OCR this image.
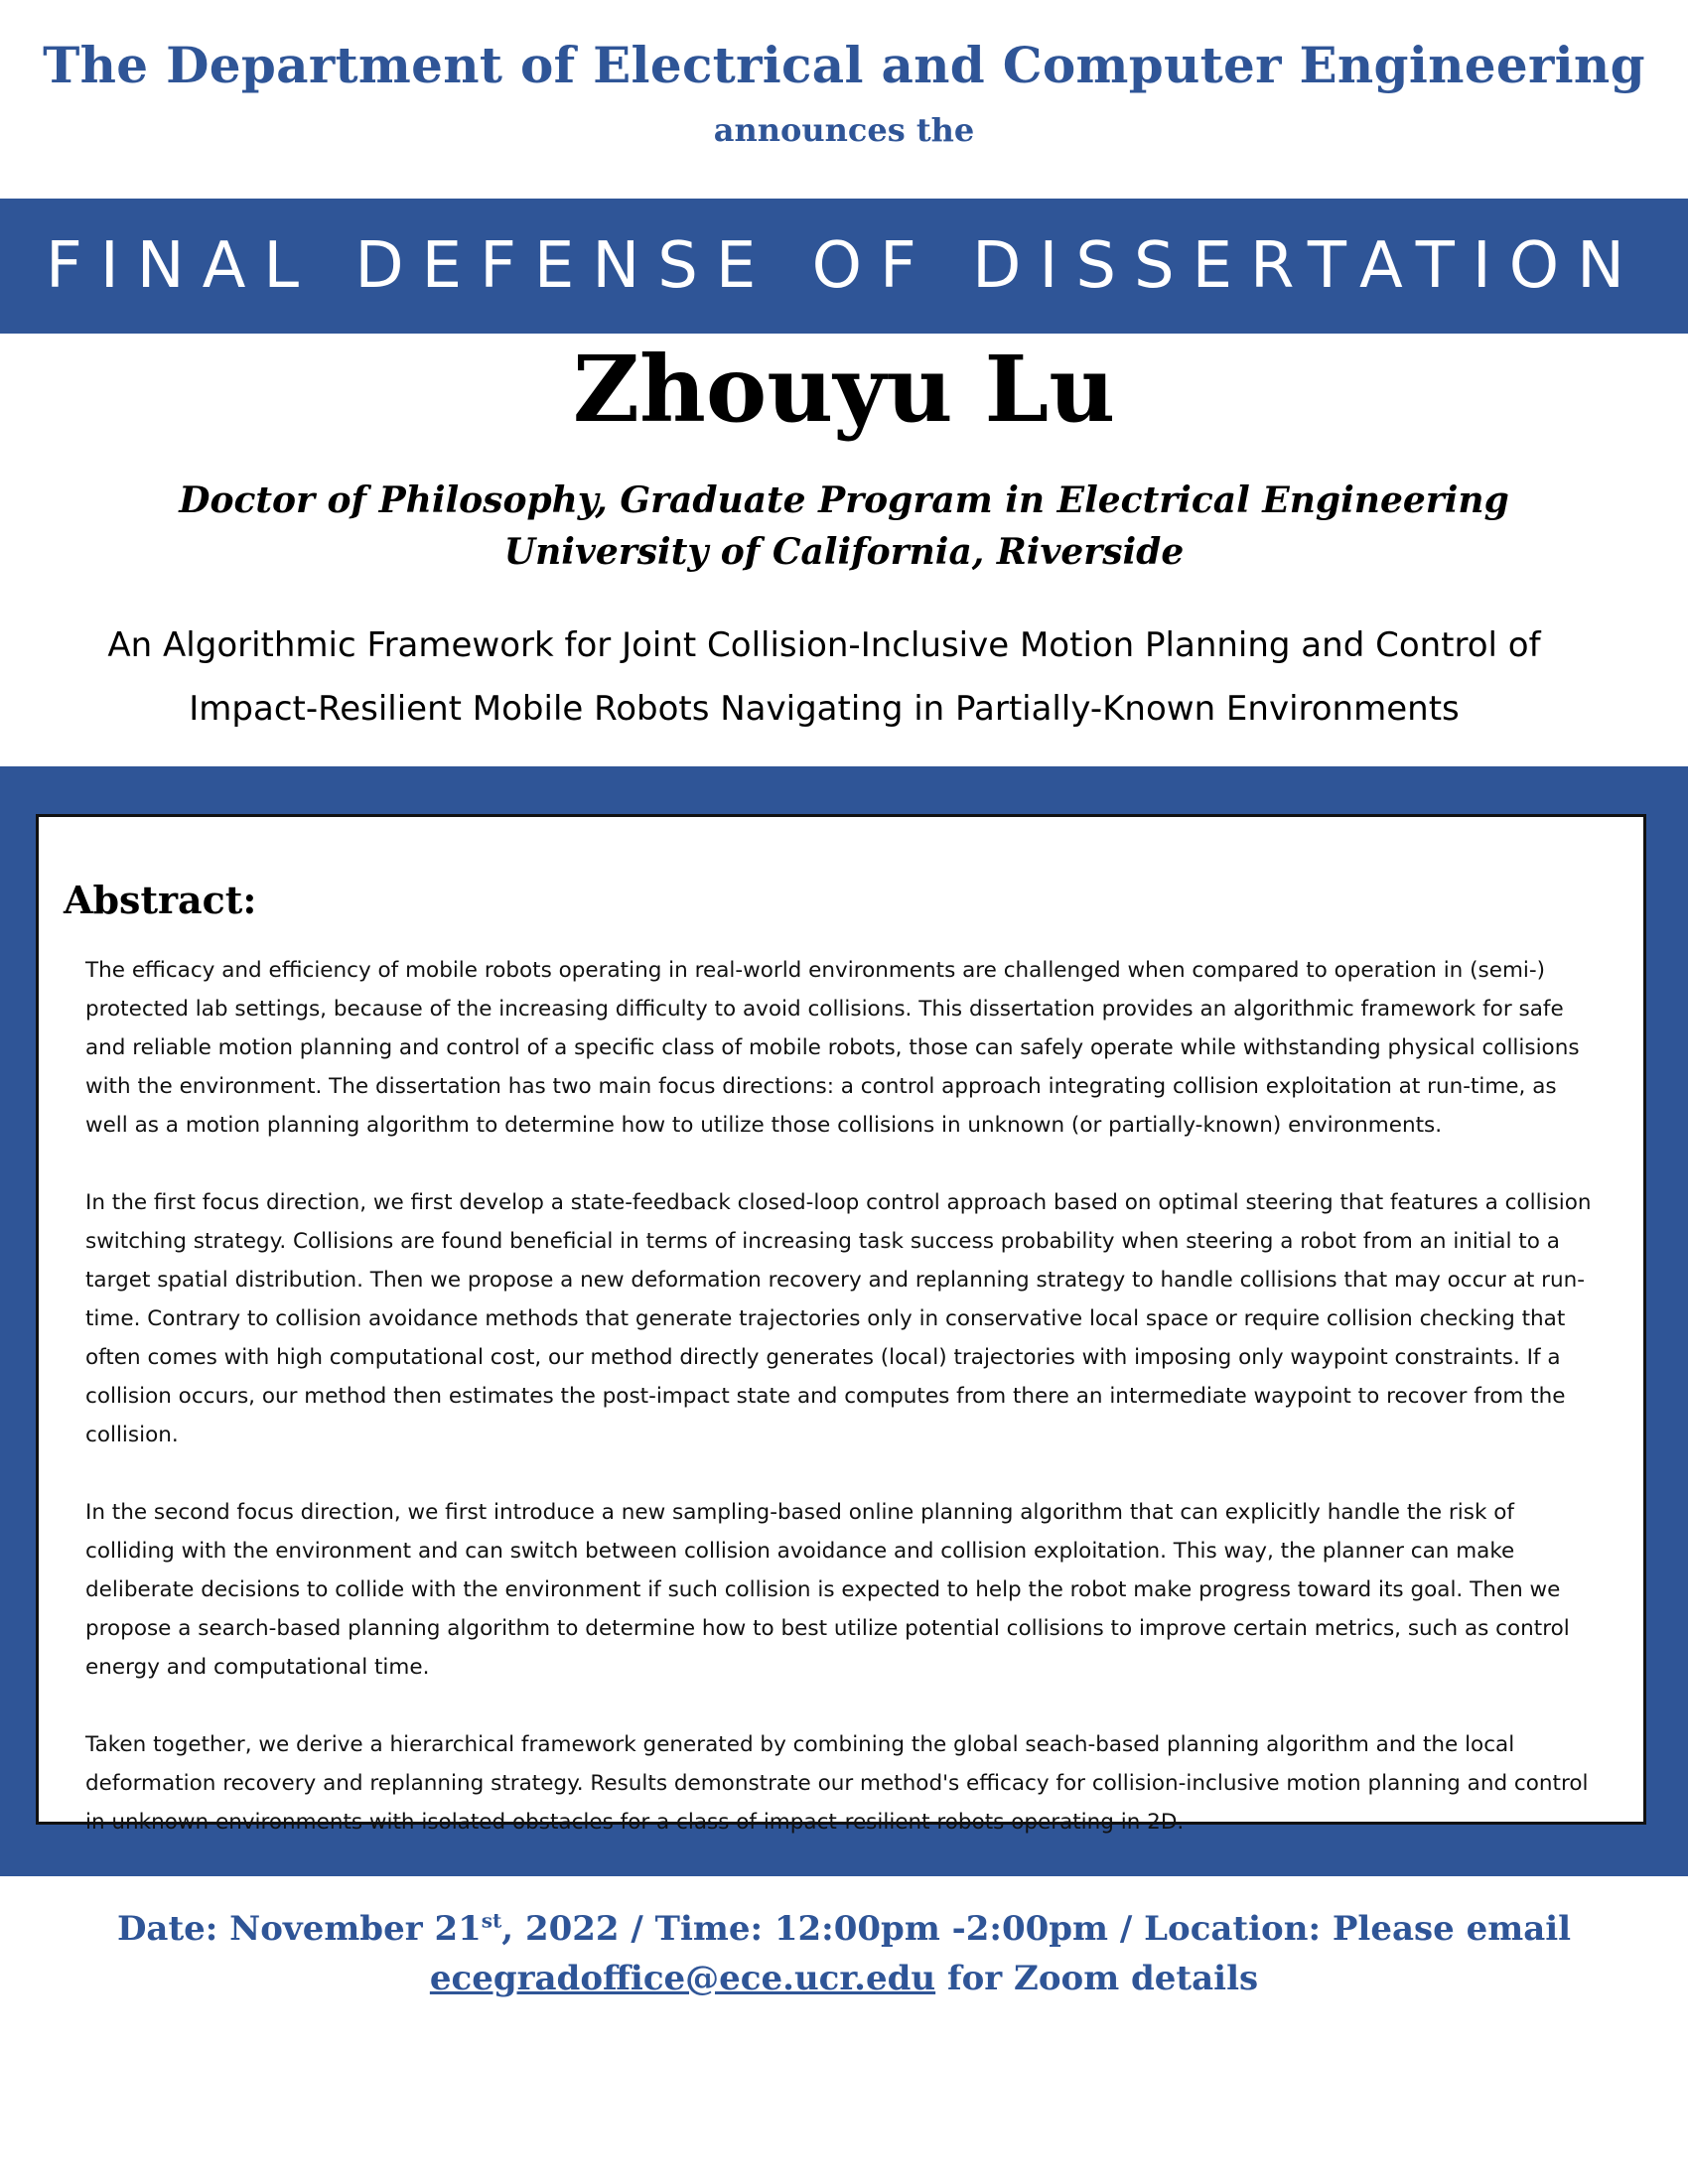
The Department of Electrical and Computer Engineering
announces the
FINAL DEFENSE OF DISSERTATION
Zhouyu Lu
Doctor of Philosophy, Graduate Program in Electrical Engineering
University of California, Riverside
An Algorithmic Framework for Joint Collision-Inclusive Motion Planning and Control of
Impact-Resilient Mobile Robots Navigating in Partially-Known Environments
Abstract:

The efficacy and efficiency of mobile robots operating in real-world environments are challenged when compared to operation in (semi-) protected lab settings, because of the increasing difficulty to avoid collisions. This dissertation provides an algorithmic framework for safe and reliable motion planning and control of a specific class of mobile robots, those can safely operate while withstanding physical collisions with the environment. The dissertation has two main focus directions: a control approach integrating collision exploitation at run-time, as well as a motion planning algorithm to determine how to utilize those collisions in unknown (or partially-known) environments.

In the first focus direction, we first develop a state-feedback closed-loop control approach based on optimal steering that features a collision switching strategy. Collisions are found beneficial in terms of increasing task success probability when steering a robot from an initial to a target spatial distribution. Then we propose a new deformation recovery and replanning strategy to handle collisions that may occur at run-time. Contrary to collision avoidance methods that generate trajectories only in conservative local space or require collision checking that often comes with high computational cost, our method directly generates (local) trajectories with imposing only waypoint constraints. If a collision occurs, our method then estimates the post-impact state and computes from there an intermediate waypoint to recover from the collision.

In the second focus direction, we first introduce a new sampling-based online planning algorithm that can explicitly handle the risk of colliding with the environment and can switch between collision avoidance and collision exploitation. This way, the planner can make deliberate decisions to collide with the environment if such collision is expected to help the robot make progress toward its goal. Then we propose a search-based planning algorithm to determine how to best utilize potential collisions to improve certain metrics, such as control energy and computational time.

Taken together, we derive a hierarchical framework generated by combining the global seach-based planning algorithm and the local deformation recovery and replanning strategy. Results demonstrate our method's efficacy for collision-inclusive motion planning and control in unknown environments with isolated obstacles for a class of impact-resilient robots operating in 2D.

Date: November 21st, 2022 / Time: 12:00pm -2:00pm / Location: Please email
ecegradoffice@ece.ucr.edu for Zoom details
